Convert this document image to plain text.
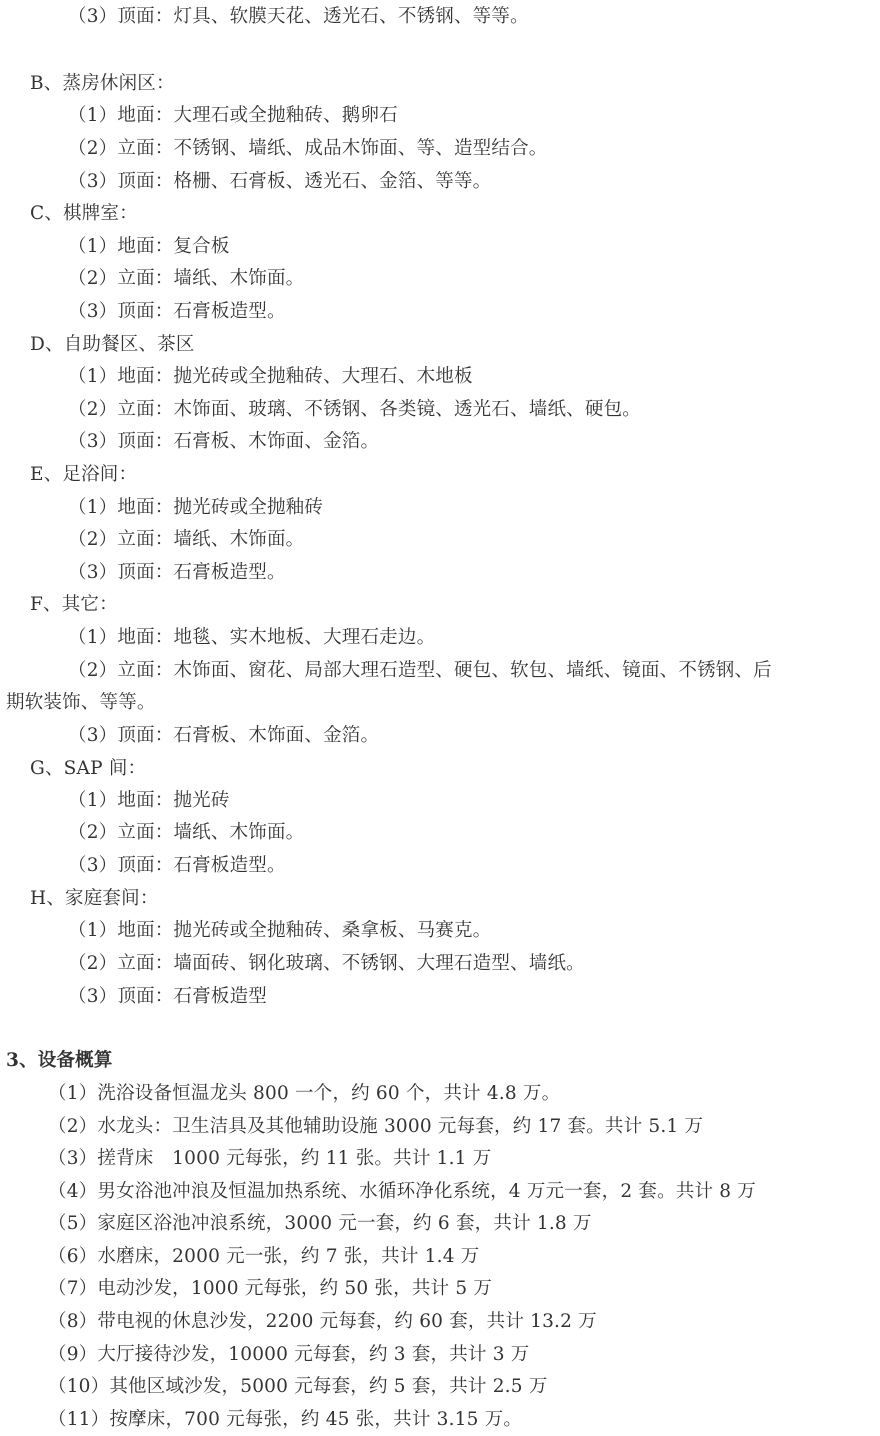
（3）顶面：灯具、软膜天花、透光石、不锈钢、等等。
B、蒸房休闲区：
（1）地面：大理石或全抛釉砖、鹅卵石
（2）立面：不锈钢、墙纸、成品木饰面、等、造型结合。
（3）顶面：格栅、石膏板、透光石、金箔、等等。
C、棋牌室：
（1）地面：复合板
（2）立面：墙纸、木饰面。
（3）顶面：石膏板造型。
D、自助餐区、茶区
（1）地面：抛光砖或全抛釉砖、大理石、木地板
（2）立面：木饰面、玻璃、不锈钢、各类镜、透光石、墙纸、硬包。
（3）顶面：石膏板、木饰面、金箔。
E、足浴间：
（1）地面：抛光砖或全抛釉砖
（2）立面：墙纸、木饰面。
（3）顶面：石膏板造型。
F、其它：
（1）地面：地毯、实木地板、大理石走边。
（2）立面：木饰面、窗花、局部大理石造型、硬包、软包、墙纸、镜面、不锈钢、后
期软装饰、等等。
（3）顶面：石膏板、木饰面、金箔。
G、SAP 间：
（1）地面：抛光砖
（2）立面：墙纸、木饰面。
（3）顶面：石膏板造型。
H、家庭套间：
（1）地面：抛光砖或全抛釉砖、桑拿板、马赛克。
（2）立面：墙面砖、钢化玻璃、不锈钢、大理石造型、墙纸。
（3）顶面：石膏板造型
3、设备概算
（1）洗浴设备恒温龙头 800 一个，约 60 个，共计 4.8 万。
（2）水龙头：卫生洁具及其他辅助设施 3000 元每套，约 17 套。共计 5.1 万
（3）搓背床　1000 元每张，约 11 张。共计 1.1 万
（4）男女浴池冲浪及恒温加热系统、水循环净化系统，4 万元一套，2 套。共计 8 万
（5）家庭区浴池冲浪系统，3000 元一套，约 6 套，共计 1.8 万
（6）水磨床，2000 元一张，约 7 张，共计 1.4 万
（7）电动沙发，1000 元每张，约 50 张，共计 5 万
（8）带电视的休息沙发，2200 元每套，约 60 套，共计 13.2 万
（9）大厅接待沙发，10000 元每套，约 3 套，共计 3 万
（10）其他区域沙发，5000 元每套，约 5 套，共计 2.5 万
（11）按摩床，700 元每张，约 45 张，共计 3.15 万。
